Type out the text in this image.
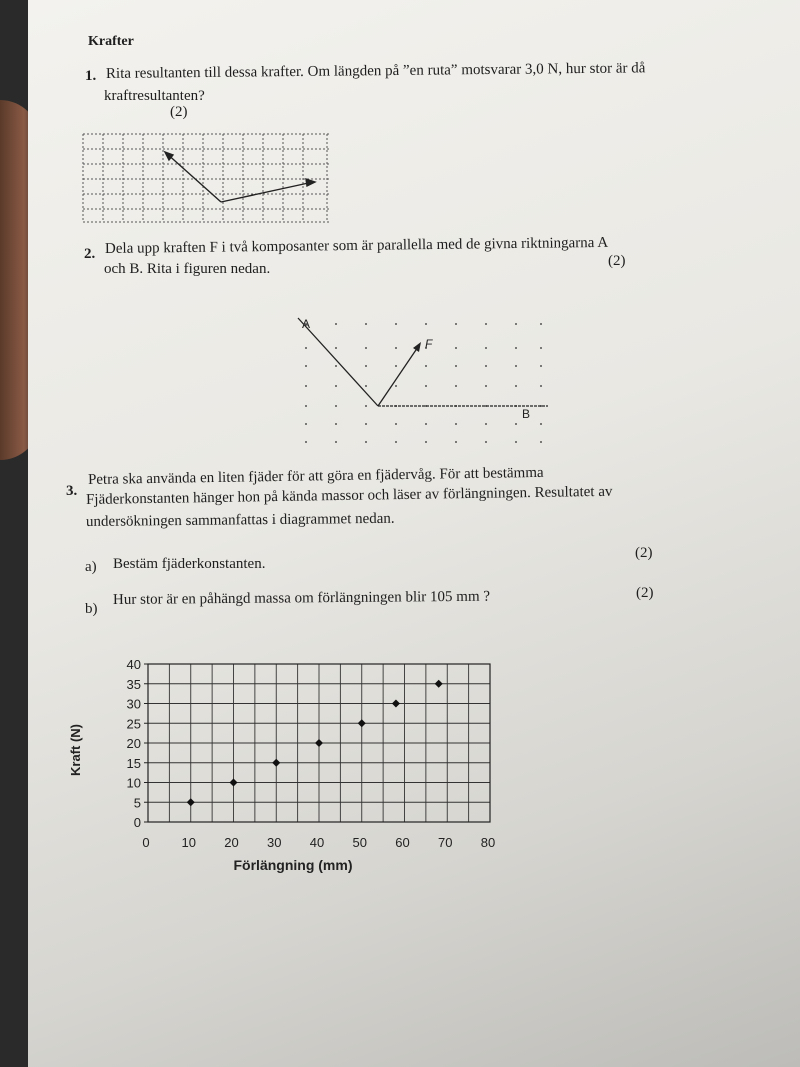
Krafter
1. Rita resultanten till dessa krafter. Om längden på ”en ruta” motsvarar 3,0 N, hur stor är då
kraftresultanten?
(2)
2. Dela upp kraften F i två komposanter som är parallella med de givna riktningarna A
och B. Rita i figuren nedan.	(2)
A
B
F
3.
Petra ska använda en liten fjäder för att göra en fjädervåg. För att bestämma
Fjäderkonstanten hänger hon på kända massor och läser av förlängningen. Resultatet av
undersökningen sammanfattas i diagrammet nedan.
a) Bestäm fjäderkonstanten.
(2)
b)
Hur stor är en påhängd massa om förlängningen blir 105 mm ?	(2)
0
5
10
15
20
25
30
35
40
0 10 20 30 40 50 60 70 80
Förlängning (mm)
Kraft (N)
